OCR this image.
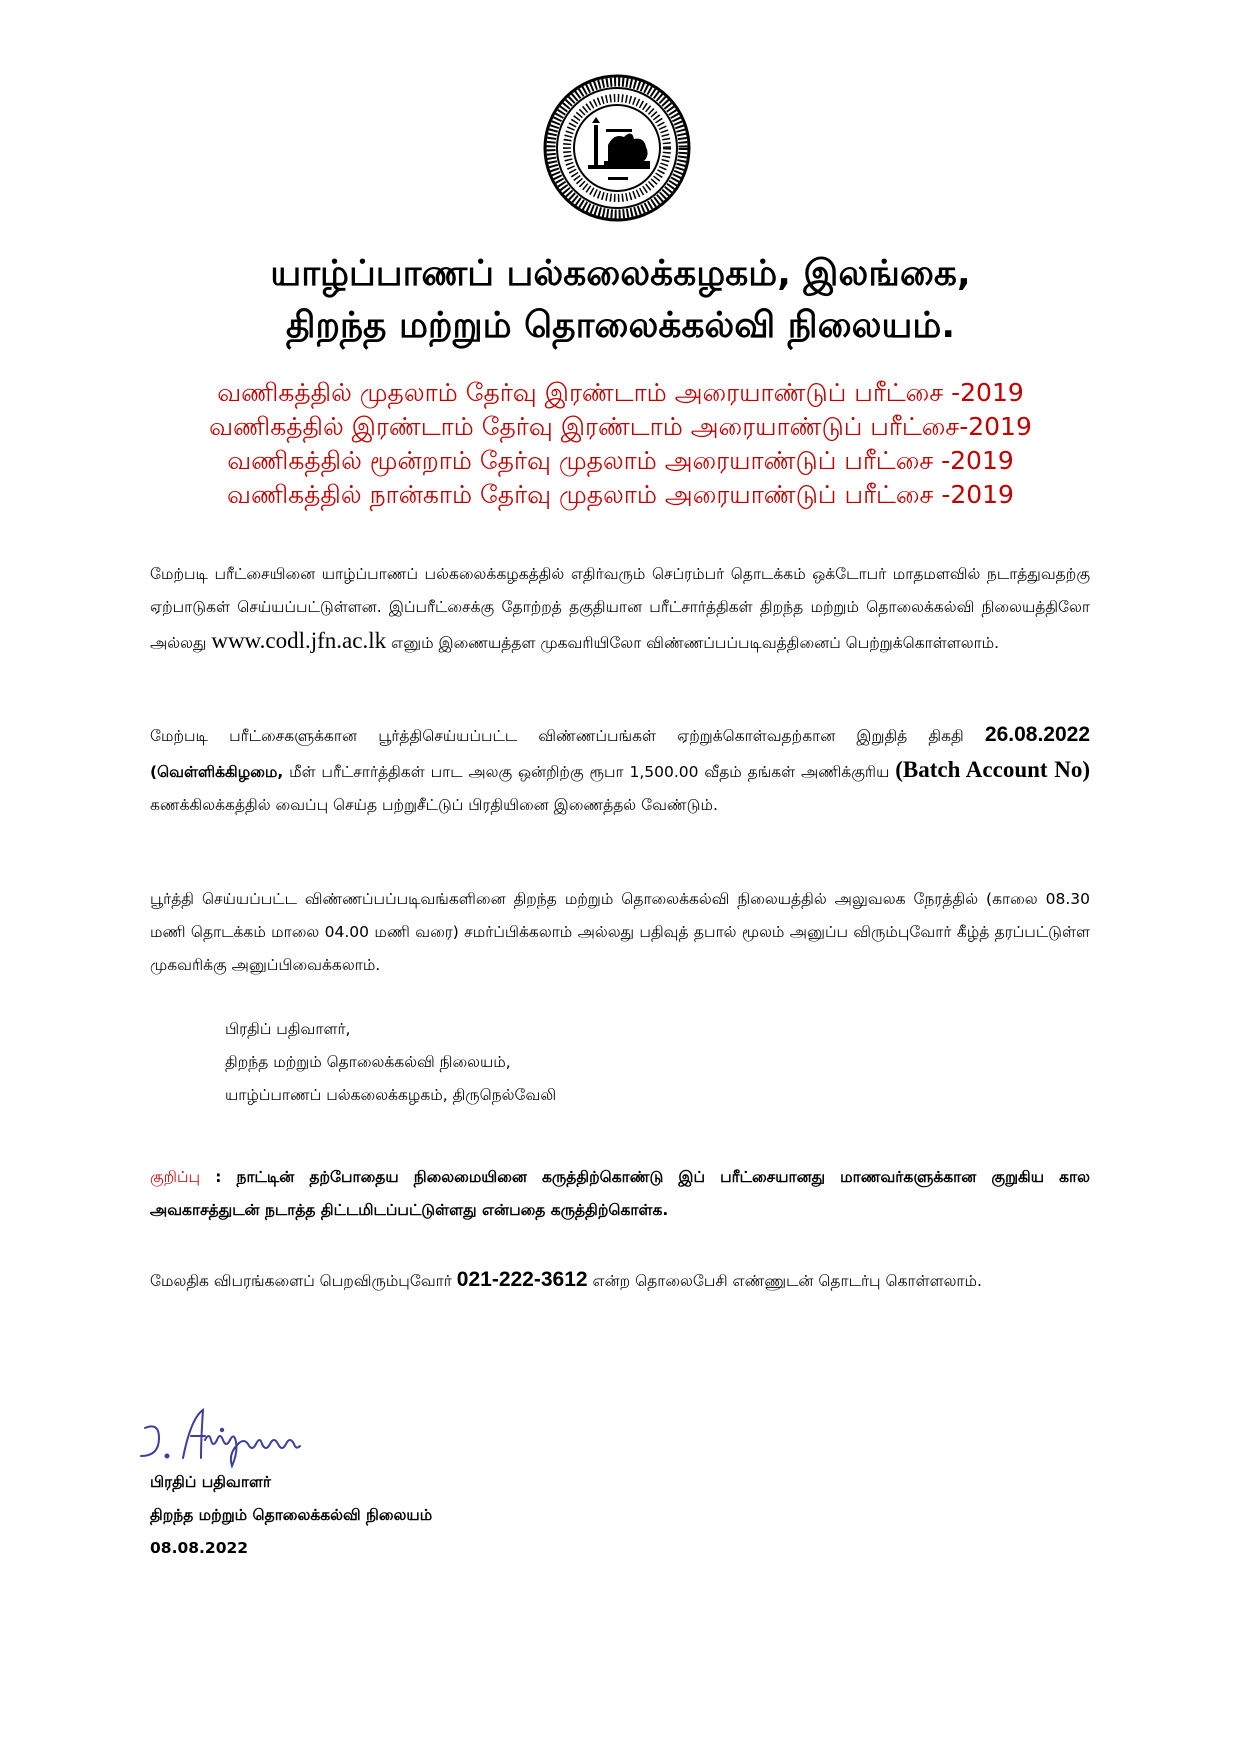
யாழ்ப்பாணப் பல்கலைக்கழகம், இலங்கை,
திறந்த மற்றும் தொலைக்கல்வி நிலையம்.
வணிகத்தில் முதலாம் தேர்வு இரண்டாம் அரையாண்டுப் பரீட்சை -2019
வணிகத்தில் இரண்டாம் தேர்வு இரண்டாம் அரையாண்டுப் பரீட்சை-2019
வணிகத்தில் மூன்றாம் தேர்வு முதலாம் அரையாண்டுப் பரீட்சை -2019
வணிகத்தில் நான்காம் தேர்வு முதலாம் அரையாண்டுப் பரீட்சை -2019
மேற்படி பரீட்சையினை யாழ்ப்பாணப் பல்கலைக்கழகத்தில் எதிர்வரும் செப்ரம்பர் தொடக்கம் ஒக்டோபர் மாதமளவில் நடாத்துவதற்கு ஏற்பாடுகள் செய்யப்பட்டுள்ளன. இப்பரீட்சைக்கு தோற்றத் தகுதியான பரீட்சார்த்திகள் திறந்த மற்றும் தொலைக்கல்வி நிலையத்திலோ அல்லது www.codl.jfn.ac.lk எனும் இணையத்தள முகவரியிலோ விண்ணப்பப்படிவத்தினைப் பெற்றுக்கொள்ளலாம்.
மேற்படி பரீட்சைகளுக்கான பூர்த்திசெய்யப்பட்ட விண்ணப்பங்கள் ஏற்றுக்கொள்வதற்கான இறுதித் திகதி 26.08.2022 (வெள்ளிக்கிழமை, மீள் பரீட்சார்த்திகள் பாட அலகு ஒன்றிற்கு ரூபா 1,500.00 வீதம் தங்கள் அணிக்குரிய (Batch Account No) கணக்கிலக்கத்தில் வைப்பு செய்த பற்றுசீட்டுப் பிரதியினை இணைத்தல் வேண்டும்.
பூர்த்தி செய்யப்பட்ட விண்ணப்பப்படிவங்களினை திறந்த மற்றும் தொலைக்கல்வி நிலையத்தில் அலுவலக நேரத்தில் (காலை 08.30 மணி தொடக்கம் மாலை 04.00 மணி வரை) சமர்ப்பிக்கலாம் அல்லது பதிவுத் தபால் மூலம் அனுப்ப விரும்புவோர் கீழ்த் தரப்பட்டுள்ள முகவரிக்கு அனுப்பிவைக்கலாம்.
பிரதிப் பதிவாளர்,
திறந்த மற்றும் தொலைக்கல்வி நிலையம்,
யாழ்ப்பாணப் பல்கலைக்கழகம், திருநெல்வேலி
குறிப்பு : நாட்டின் தற்போதைய நிலைமையினை கருத்திற்கொண்டு இப் பரீட்சையானது மாணவர்களுக்கான குறுகிய கால அவகாசத்துடன் நடாத்த திட்டமிடப்பட்டுள்ளது என்பதை கருத்திற்கொள்க.
மேலதிக விபரங்களைப் பெறவிரும்புவோர் 021-222-3612 என்ற தொலைபேசி எண்ணுடன் தொடர்பு கொள்ளலாம்.
பிரதிப் பதிவாளர்
திறந்த மற்றும் தொலைக்கல்வி நிலையம்
08.08.2022
